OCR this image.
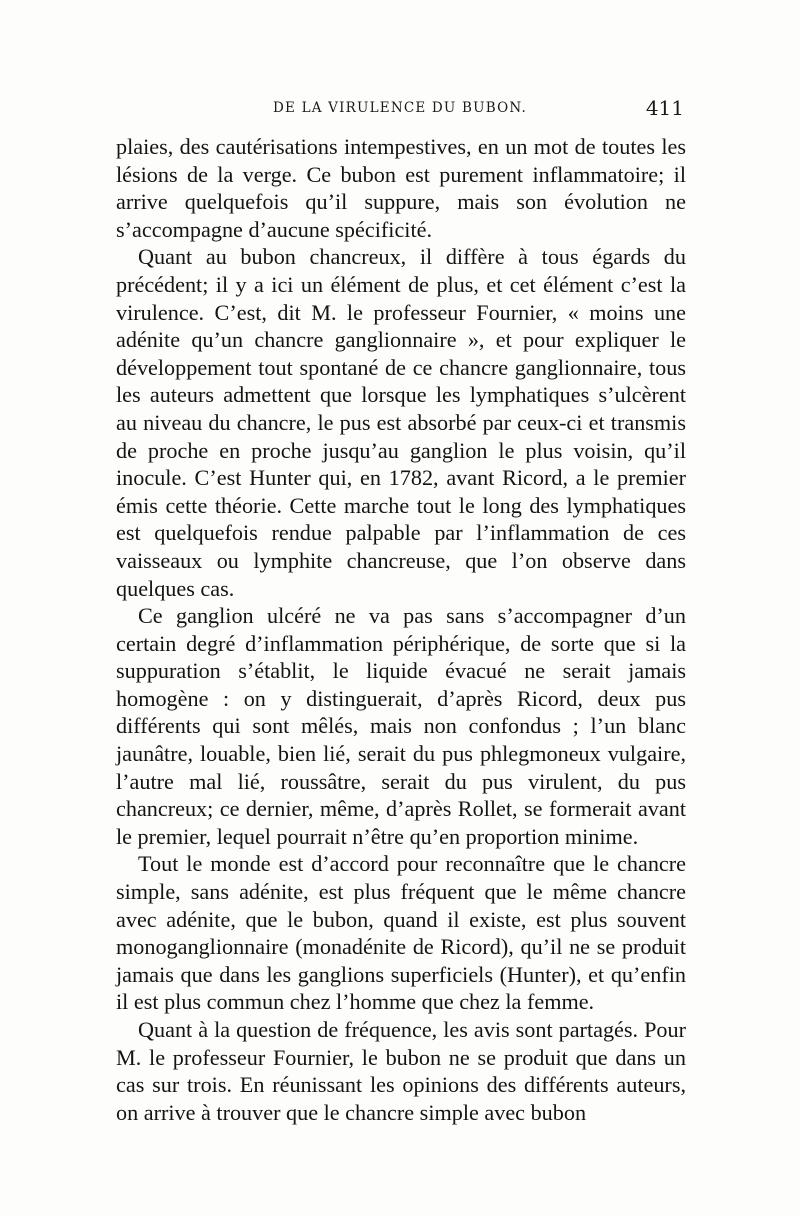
DE LA VIRULENCE DU BUBON.	411

plaies, des cautérisations intempestives, en un mot de toutes les lésions de la verge. Ce bubon est purement inflammatoire; il arrive quelquefois qu’il suppure, mais son évolution ne s’accompagne d’aucune spécificité.

Quant au bubon chancreux, il diffère à tous égards du précédent; il y a ici un élément de plus, et cet élément c’est la virulence. C’est, dit M. le professeur Fournier, « moins une adénite qu’un chancre ganglionnaire », et pour expliquer le développement tout spontané de ce chancre ganglionnaire, tous les auteurs admettent que lorsque les lymphatiques s’ulcèrent au niveau du chancre, le pus est absorbé par ceux-ci et transmis de proche en proche jusqu’au ganglion le plus voisin, qu’il inocule. C’est Hunter qui, en 1782, avant Ricord, a le premier émis cette théorie. Cette marche tout le long des lymphatiques est quelquefois rendue palpable par l’inflammation de ces vaisseaux ou lymphite chancreuse, que l’on observe dans quelques cas.

Ce ganglion ulcéré ne va pas sans s’accompagner d’un certain degré d’inflammation périphérique, de sorte que si la suppuration s’établit, le liquide évacué ne serait jamais homogène : on y distinguerait, d’après Ricord, deux pus différents qui sont mêlés, mais non confondus ; l’un blanc jaunâtre, louable, bien lié, serait du pus phlegmoneux vulgaire, l’autre mal lié, roussâtre, serait du pus virulent, du pus chancreux; ce dernier, même, d’après Rollet, se formerait avant le premier, lequel pourrait n’être qu’en proportion minime.

Tout le monde est d’accord pour reconnaître que le chancre simple, sans adénite, est plus fréquent que le même chancre avec adénite, que le bubon, quand il existe, est plus souvent monoganglionnaire (monadénite de Ricord), qu’il ne se produit jamais que dans les ganglions superficiels (Hunter), et qu’enfin il est plus commun chez l’homme que chez la femme.

Quant à la question de fréquence, les avis sont partagés. Pour M. le professeur Fournier, le bubon ne se produit que dans un cas sur trois. En réunissant les opinions des différents auteurs, on arrive à trouver que le chancre simple avec bubon
